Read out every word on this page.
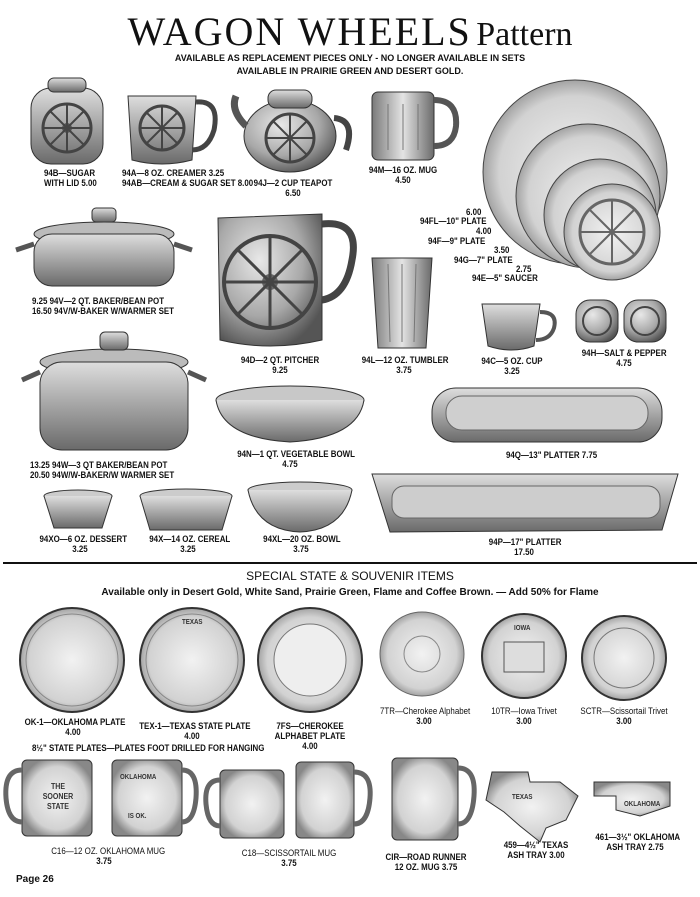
WAGON WHEELS Pattern
AVAILABLE AS REPLACEMENT PIECES ONLY - NO LONGER AVAILABLE IN SETS
AVAILABLE IN PRAIRIE GREEN AND DESERT GOLD.
THE
SOONER
STATE
OKLAHOMA
IS OK.
TEXAS
OKLAHOMA
IOWA
TEXAS
94B—SUGAR
WITH LID 5.00
94A—8 OZ. CREAMER 3.25
94AB—CREAM & SUGAR SET 8.00 94J—2 CUP TEAPOT
6.50
94M—16 OZ. MUG
4.50
6.00
94FL—10" PLATE
4.00
94F—9" PLATE
3.50
94G—7" PLATE
2.75
94E—5" SAUCER
9.25 94V—2 QT. BAKER/BEAN POT
16.50 94V/W-BAKER W/WARMER SET
94D—2 QT. PITCHER
9.25
94L—12 OZ. TUMBLER
3.75
94C—5 OZ. CUP
3.25
94H—SALT & PEPPER
4.75
13.25 94W—3 QT BAKER/BEAN POT
20.50 94W/W-BAKER/W WARMER SET
94N—1 QT. VEGETABLE BOWL
4.75
94Q—13" PLATTER 7.75
94XO—6 OZ. DESSERT
3.25
94X—14 OZ. CEREAL
3.25
94XL—20 OZ. BOWL
3.75
94P—17" PLATTER
17.50
SPECIAL STATE & SOUVENIR ITEMS
Available only in Desert Gold, White Sand, Prairie Green, Flame and Coffee Brown. — Add 50% for Flame
OK-1—OKLAHOMA PLATE
4.00
TEX-1—TEXAS STATE PLATE
4.00
8½" STATE PLATES—PLATES FOOT DRILLED FOR HANGING
7FS—CHEROKEE
ALPHABET PLATE
4.00
7TR—Cherokee Alphabet
3.00
10TR—Iowa Trivet
3.00
SCTR—Scissortail Trivet
3.00
C16—12 OZ. OKLAHOMA MUG
3.75
C18—SCISSORTAIL MUG
3.75
CIR—ROAD RUNNER
12 OZ. MUG 3.75
459—4½" TEXAS
ASH TRAY 3.00
461—3½" OKLAHOMA
ASH TRAY 2.75
Page 26
